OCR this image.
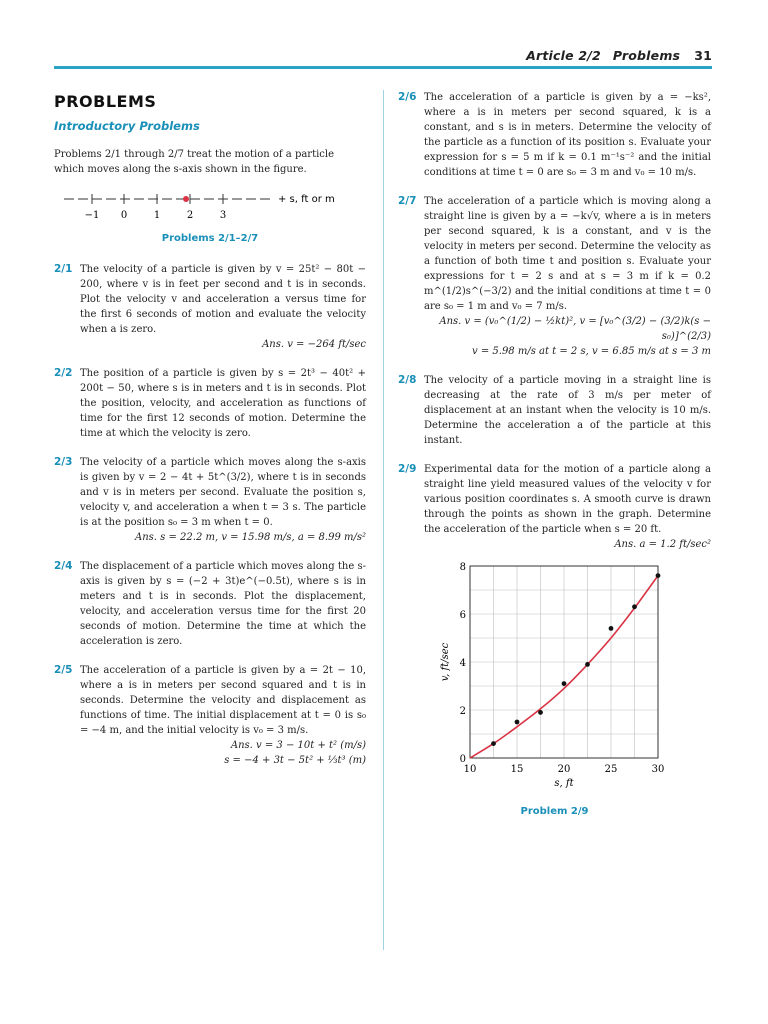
Article 2/2 Problems 31
PROBLEMS
Introductory Problems

Problems 2/1 through 2/7 treat the motion of a particle which moves along the s-axis shown in the figure.

−1 0	1	2	3
+ s, ft or m
Problems 2/1–2/7
2/1 The velocity of a particle is given by v = 25t² − 80t − 200, where v is in feet per second and t is in seconds. Plot the velocity v and acceleration a versus time for the first 6 seconds of motion and evaluate the velocity when a is zero.
Ans. v = −264 ft/sec
2/2 The position of a particle is given by s = 2t³ − 40t² + 200t − 50, where s is in meters and t is in seconds. Plot the position, velocity, and acceleration as functions of time for the first 12 seconds of motion. Determine the time at which the velocity is zero.
2/3 The velocity of a particle which moves along the s-axis is given by v = 2 − 4t + 5t^(3/2), where t is in seconds and v is in meters per second. Evaluate the position s, velocity v, and acceleration a when t = 3 s. The particle is at the position s₀ = 3 m when t = 0.
Ans. s = 22.2 m, v = 15.98 m/s, a = 8.99 m/s²
2/4 The displacement of a particle which moves along the s-axis is given by s = (−2 + 3t)e^(−0.5t), where s is in meters and t is in seconds. Plot the displacement, velocity, and acceleration versus time for the first 20 seconds of motion. Determine the time at which the acceleration is zero.
2/5 The acceleration of a particle is given by a = 2t − 10, where a is in meters per second squared and t is in seconds. Determine the velocity and displacement as functions of time. The initial displacement at t = 0 is s₀ = −4 m, and the initial velocity is v₀ = 3 m/s.
Ans. v = 3 − 10t + t² (m/s)
s = −4 + 3t − 5t² + ⅓t³ (m)
2/6 The acceleration of a particle is given by a = −ks², where a is in meters per second squared, k is a constant, and s is in meters. Determine the velocity of the particle as a function of its position s. Evaluate your expression for s = 5 m if k = 0.1 m⁻¹s⁻² and the initial conditions at time t = 0 are s₀ = 3 m and v₀ = 10 m/s.
2/7 The acceleration of a particle which is moving along a straight line is given by a = −k√v, where a is in meters per second squared, k is a constant, and v is the velocity in meters per second. Determine the velocity as a function of both time t and position s. Evaluate your expressions for t = 2 s and at s = 3 m if k = 0.2 m^(1/2)s^(−3/2) and the initial conditions at time t = 0 are s₀ = 1 m and v₀ = 7 m/s.
Ans. v = (v₀^(1/2) − ½kt)², v = [v₀^(3/2) − (3/2)k(s − s₀)]^(2/3)
v = 5.98 m/s at t = 2 s, v = 6.85 m/s at s = 3 m
2/8 The velocity of a particle moving in a straight line is decreasing at the rate of 3 m/s per meter of displacement at an instant when the velocity is 10 m/s. Determine the acceleration a of the particle at this instant.
2/9 Experimental data for the motion of a particle along a straight line yield measured values of the velocity v for various position coordinates s. A smooth curve is drawn through the points as shown in the graph. Determine the acceleration of the particle when s = 20 ft.
Ans. a = 1.2 ft/sec²
10	15	20	25	30
0
2
4
6
8
s, ft
v, ft/sec
Problem 2/9
